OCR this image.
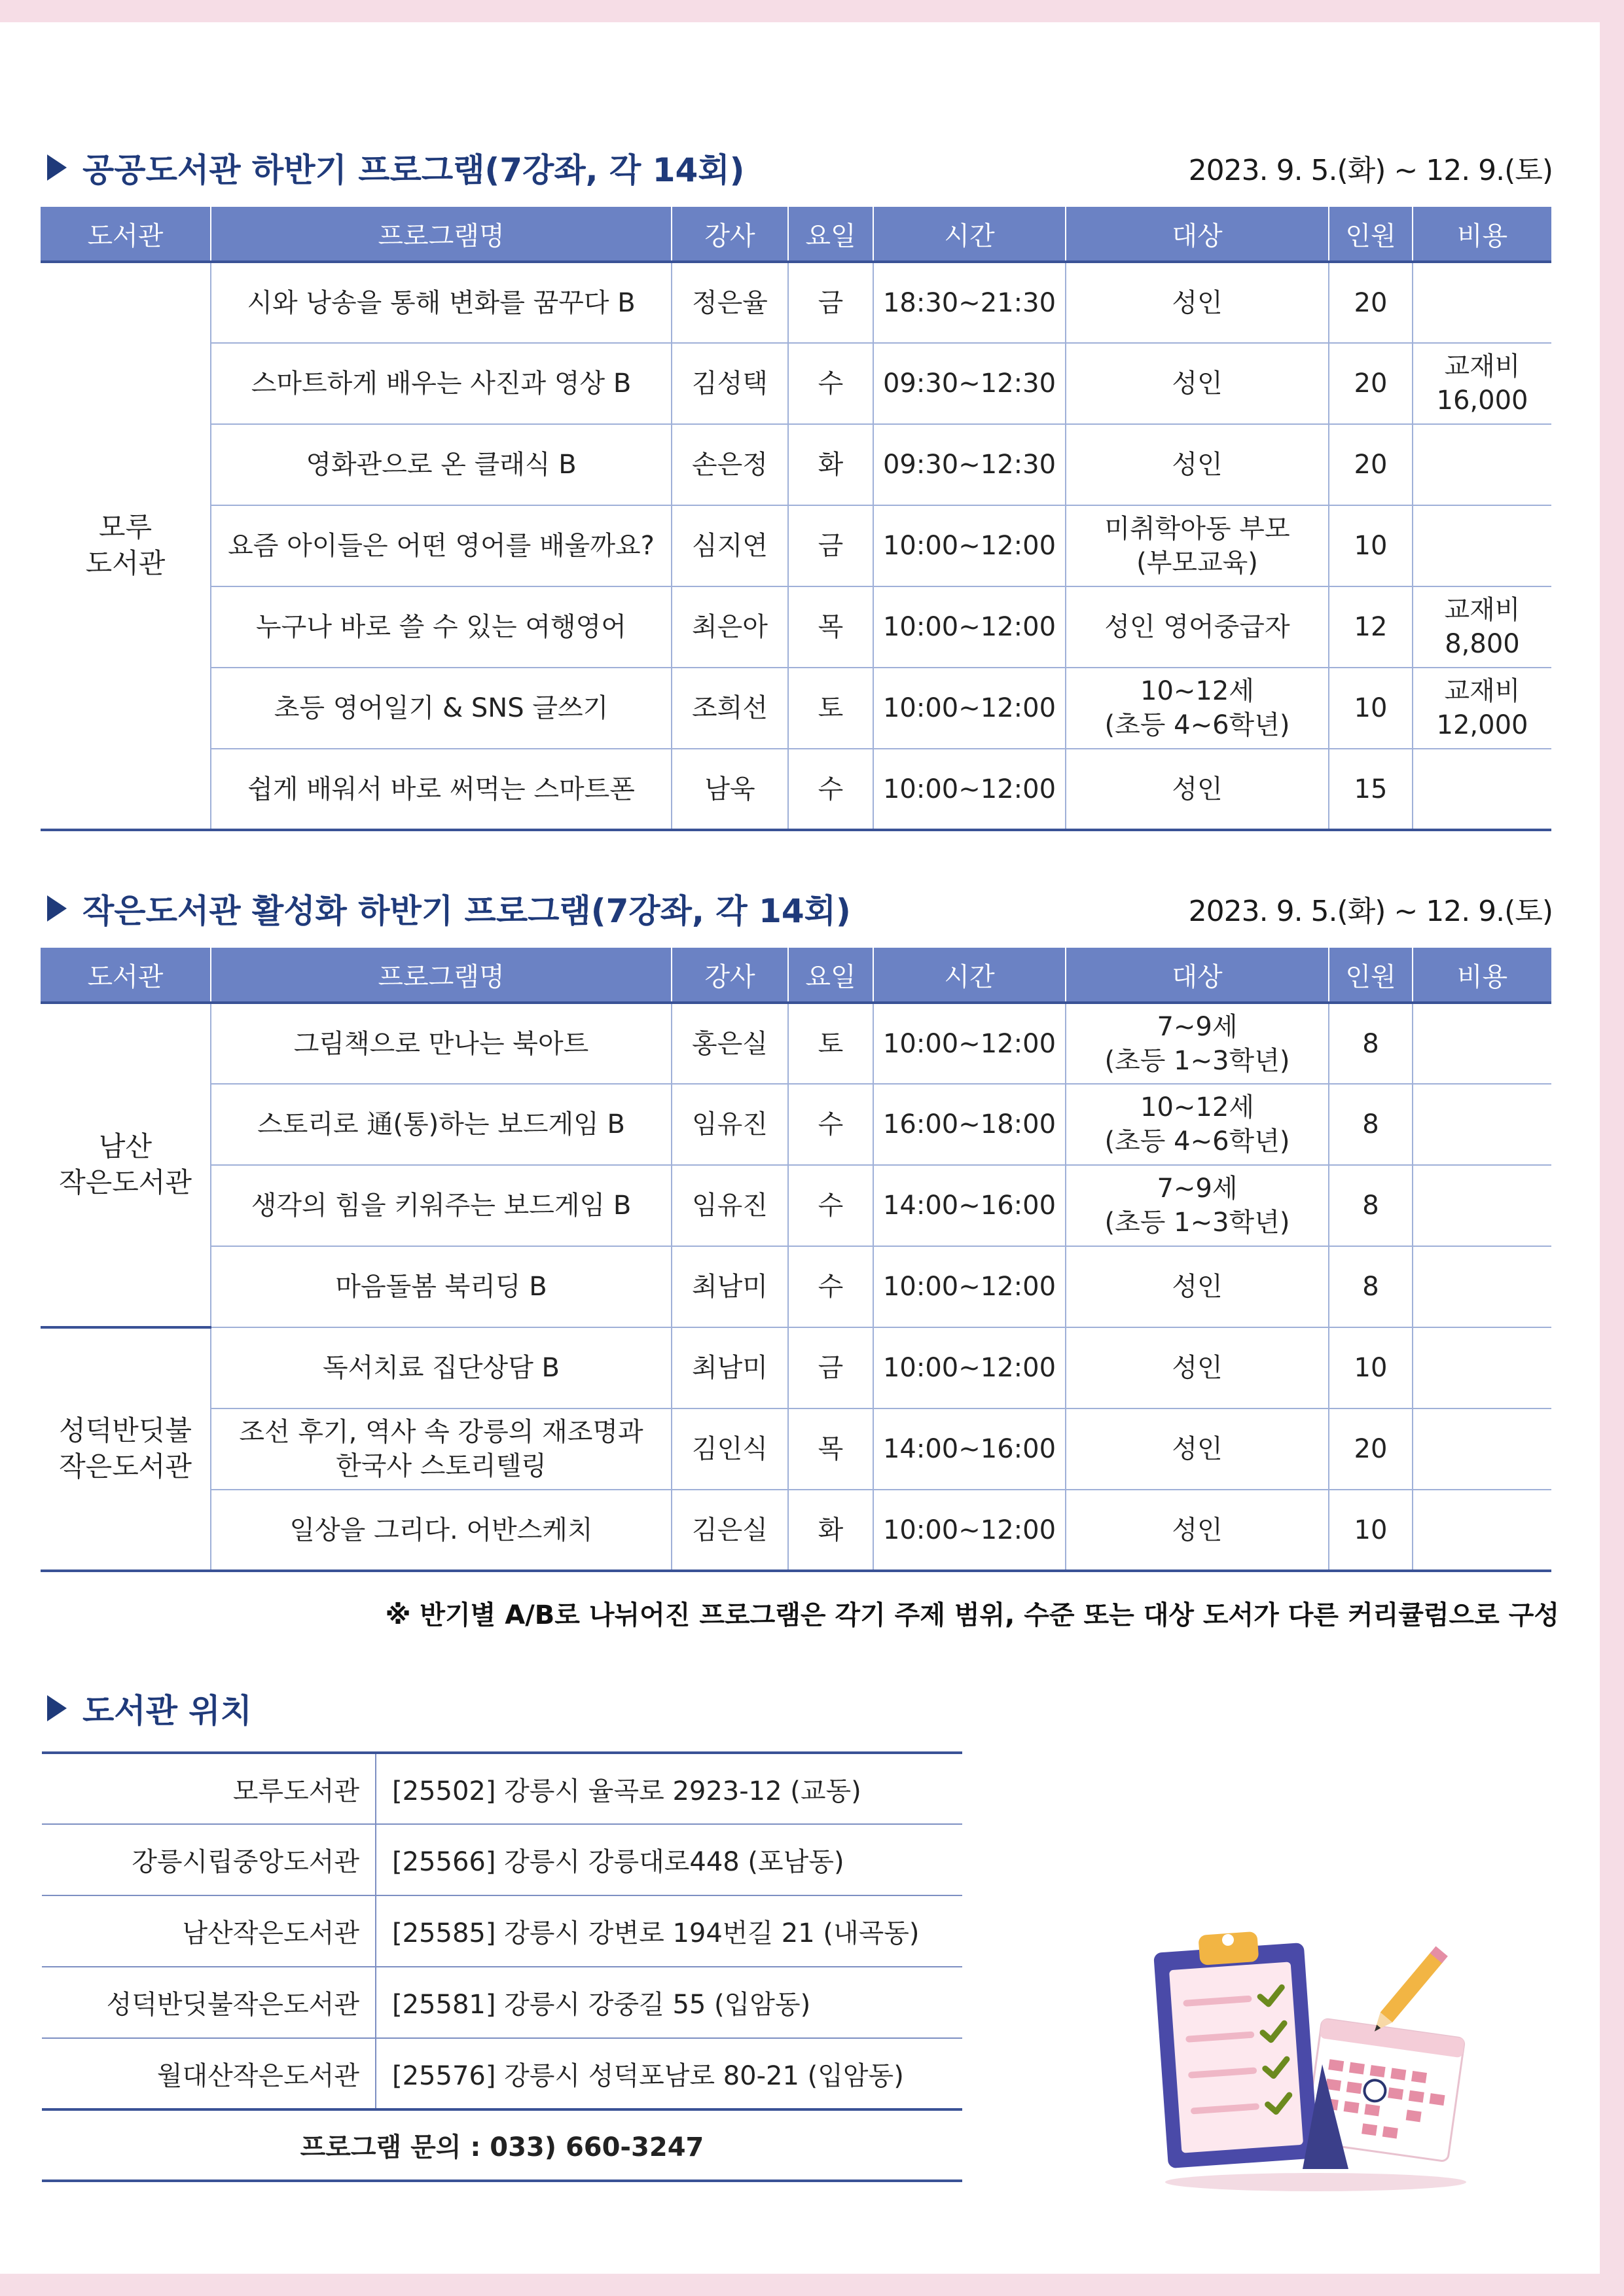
공공도서관 하반기 프로그램(7강좌, 각 14회)	2023. 9. 5.(화) ~ 12. 9.(토)
도서관	프로그램명	강사	요일	시간	대상	인원	비용
모루
도서관	시와 낭송을 통해 변화를 꿈꾸다 B	정은율	금	18:30~21:30	성인	20	
	스마트하게 배우는 사진과 영상 B	김성택	수	09:30~12:30	성인	20	교재비
16,000
	영화관으로 온 클래식 B	손은정	화	09:30~12:30	성인	20	
	요즘 아이들은 어떤 영어를 배울까요?	심지연	금	10:00~12:00	미취학아동 부모
(부모교육)	10	
	누구나 바로 쓸 수 있는 여행영어	최은아	목	10:00~12:00	성인 영어중급자	12	교재비
8,800
	초등 영어일기 & SNS 글쓰기	조희선	토	10:00~12:00	10~12세
(초등 4~6학년)	10	교재비
12,000
	쉽게 배워서 바로 써먹는 스마트폰	남욱	수	10:00~12:00	성인	15	
작은도서관 활성화 하반기 프로그램(7강좌, 각 14회)	2023. 9. 5.(화) ~ 12. 9.(토)
도서관	프로그램명	강사	요일	시간	대상	인원	비용
남산
작은도서관	그림책으로 만나는 북아트	홍은실	토	10:00~12:00	7~9세
(초등 1~3학년)	8	
	스토리로 通(통)하는 보드게임 B	임유진	수	16:00~18:00	10~12세
(초등 4~6학년)	8	
	생각의 힘을 키워주는 보드게임 B	임유진	수	14:00~16:00	7~9세
(초등 1~3학년)	8	
	마음돌봄 북리딩 B	최남미	수	10:00~12:00	성인	8	
성덕반딧불
작은도서관	독서치료 집단상담 B	최남미	금	10:00~12:00	성인	10	
	조선 후기, 역사 속 강릉의 재조명과
한국사 스토리텔링	김인식	목	14:00~16:00	성인	20	
	일상을 그리다. 어반스케치	김은실	화	10:00~12:00	성인	10	
※ 반기별 A/B로 나뉘어진 프로그램은 각기 주제 범위, 수준 또는 대상 도서가 다른 커리큘럼으로 구성
도서관 위치
모루도서관	[25502] 강릉시 율곡로 2923-12 (교동)
강릉시립중앙도서관	[25566] 강릉시 강릉대로448 (포남동)
남산작은도서관	[25585] 강릉시 강변로 194번길 21 (내곡동)
성덕반딧불작은도서관	[25581] 강릉시 강중길 55 (입암동)
월대산작은도서관	[25576] 강릉시 성덕포남로 80-21 (입암동)
프로그램 문의 : 033) 660-3247	
